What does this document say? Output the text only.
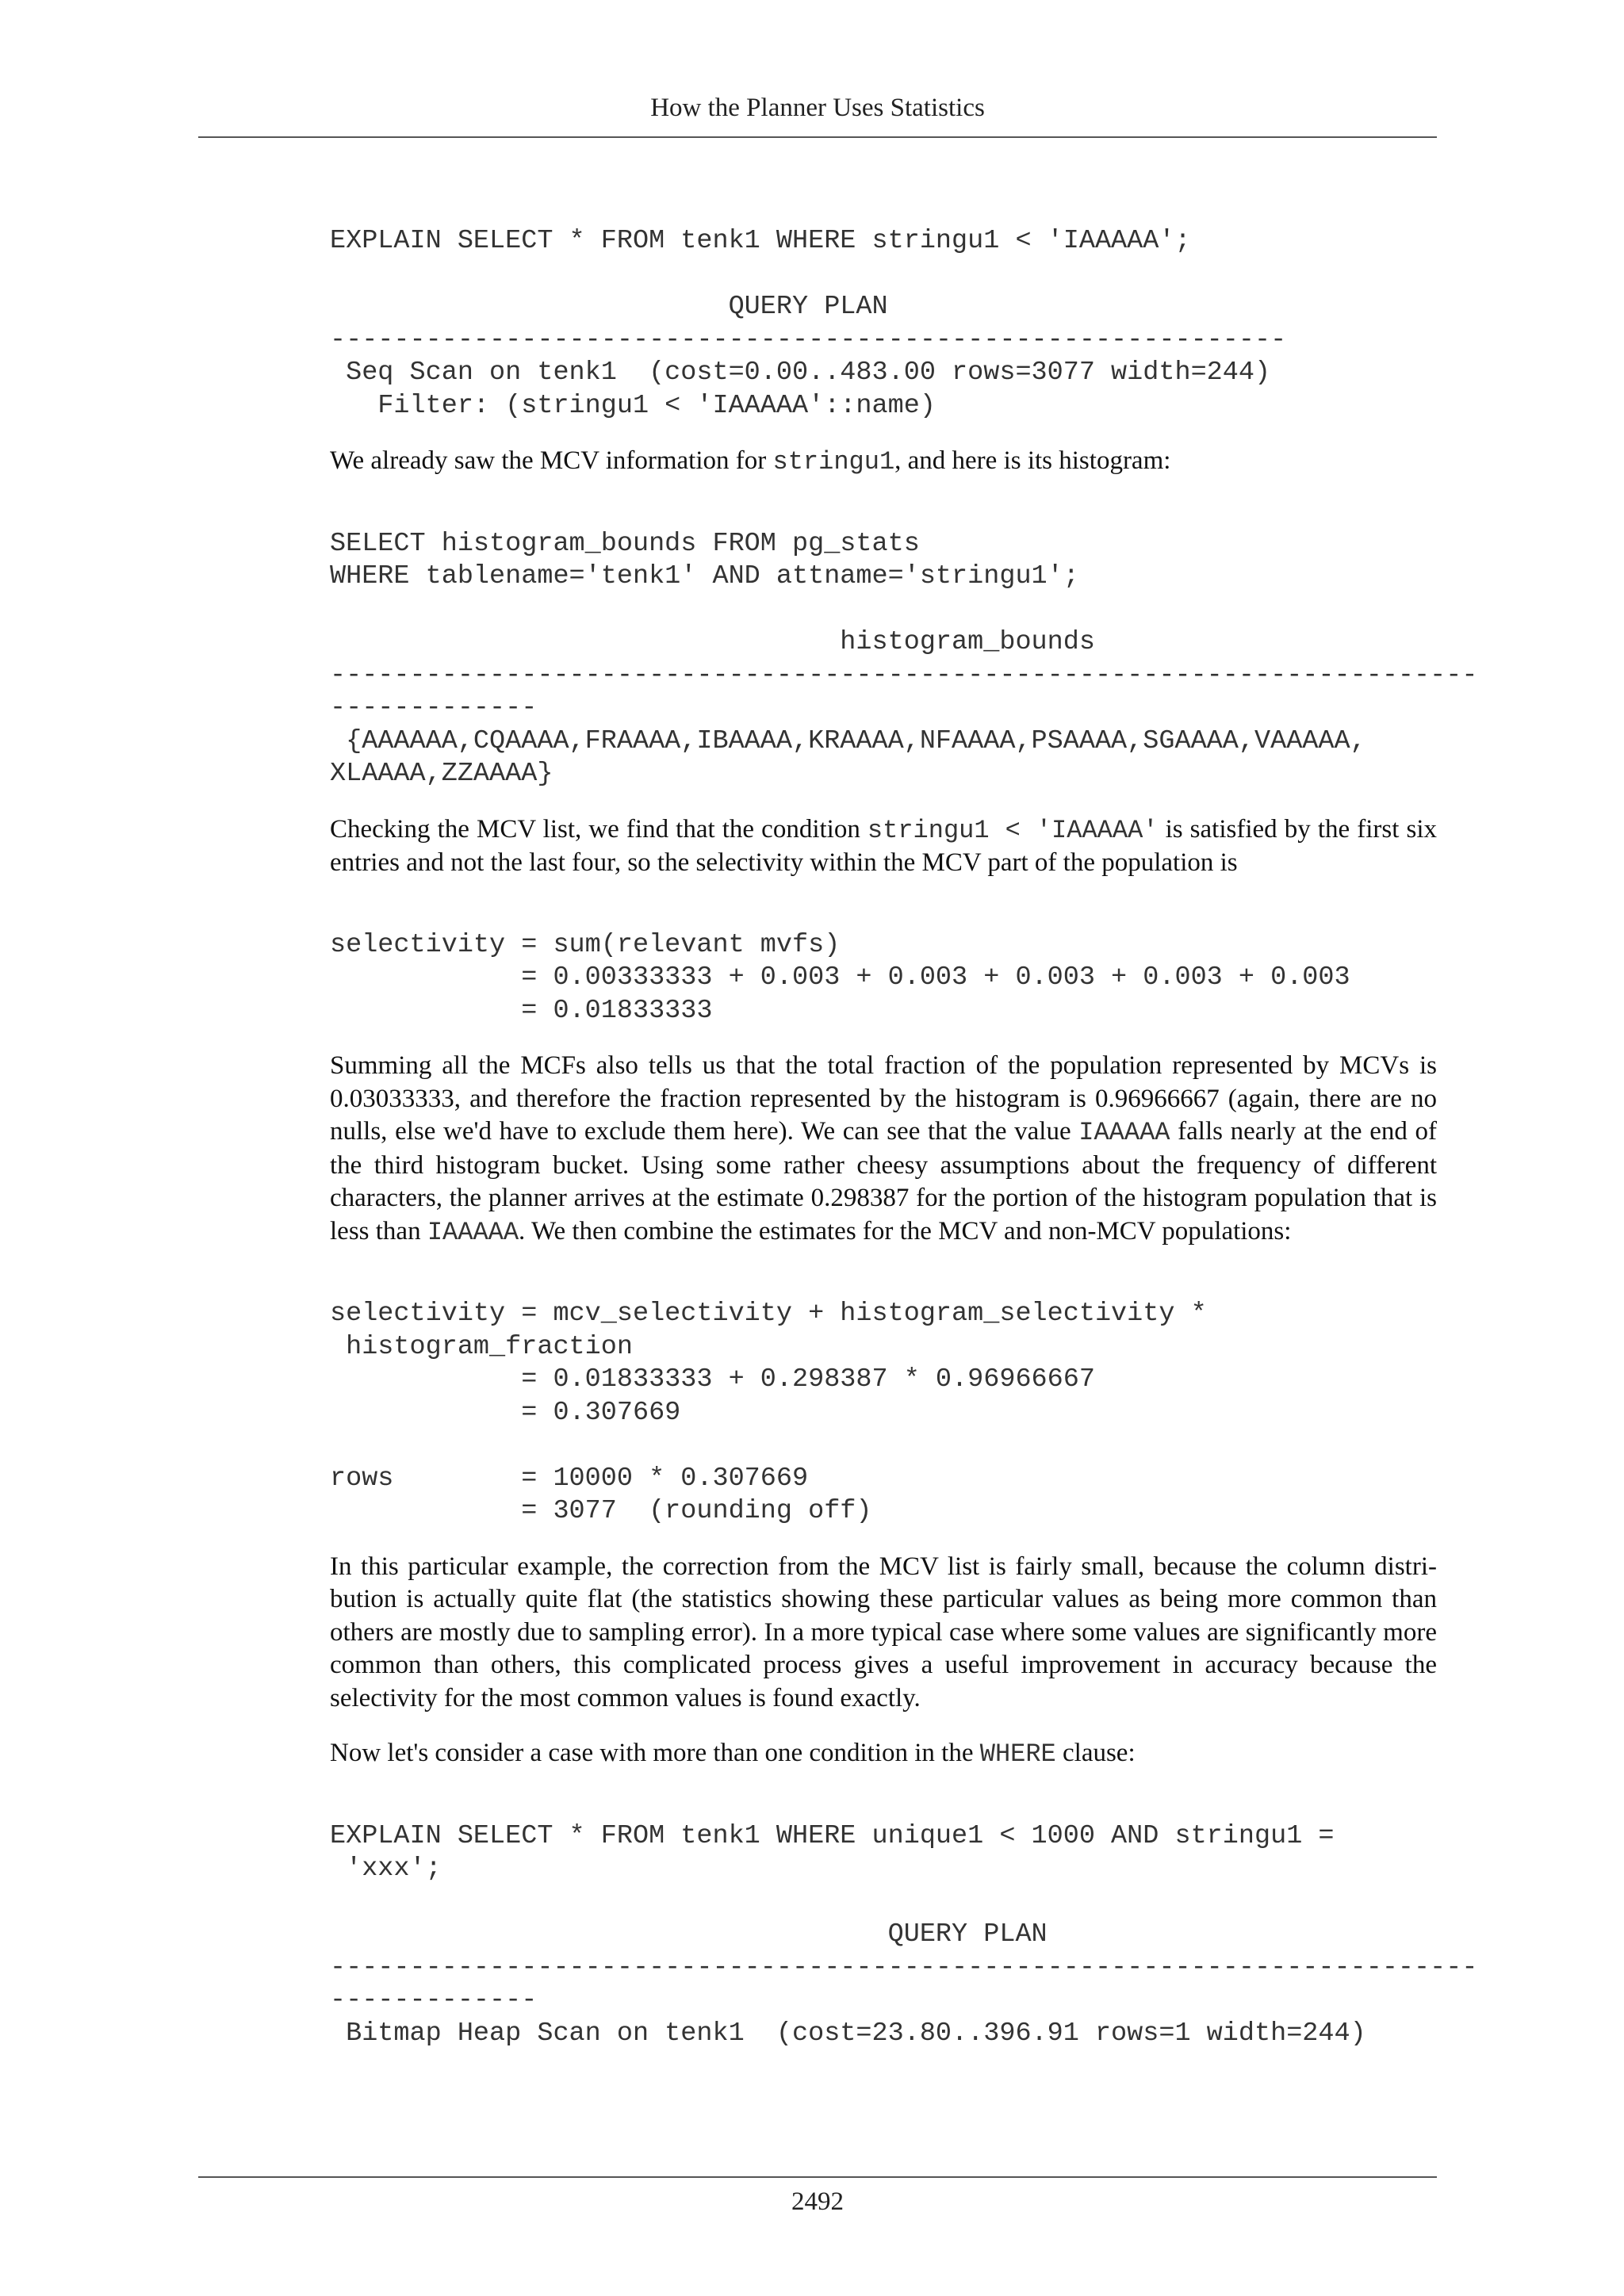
How the Planner Uses Statistics
EXPLAIN SELECT * FROM tenk1 WHERE stringu1 < 'IAAAAA';

QUERY PLAN
------------------------------------------------------------
Seq Scan on tenk1  (cost=0.00..483.00 rows=3077 width=244)
Filter: (stringu1 < 'IAAAAA'::name)

We already saw the MCV information for stringu1, and here is its histogram:

SELECT histogram_bounds FROM pg_stats
WHERE tablename='tenk1' AND attname='stringu1';

histogram_bounds
------------------------------------------------------------------------
-------------
{AAAAAA,CQAAAA,FRAAAA,IBAAAA,KRAAAA,NFAAAA,PSAAAA,SGAAAA,VAAAAA,
XLAAAA,ZZAAAA}

Checking the MCV list, we find that the condition stringu1 < 'IAAAAA' is satisfied by the first six entries and not the last four, so the selectivity within the MCV part of the population is

selectivity = sum(relevant mvfs)
= 0.00333333 + 0.003 + 0.003 + 0.003 + 0.003 + 0.003
= 0.01833333

Summing all the MCFs also tells us that the total fraction of the population represented by MCVs is 0.03033333, and therefore the fraction represented by the histogram is 0.96966667 (again, there are no nulls, else we'd have to exclude them here). We can see that the value IAAAAA falls nearly at the end of the third histogram bucket. Using some rather cheesy assumptions about the frequency of different characters, the planner arrives at the estimate 0.298387 for the portion of the histogram population that is less than IAAAAA. We then combine the estimates for the MCV and non-MCV populations:

selectivity = mcv_selectivity + histogram_selectivity *
histogram_fraction
= 0.01833333 + 0.298387 * 0.96966667
= 0.307669

rows        = 10000 * 0.307669
= 3077  (rounding off)

In this particular example, the correction from the MCV list is fairly small, because the column distri-bution is actually quite flat (the statistics showing these particular values as being more common than others are mostly due to sampling error). In a more typical case where some values are significantly more common than others, this complicated process gives a useful improvement in accuracy because the selectivity for the most common values is found exactly.

Now let's consider a case with more than one condition in the WHERE clause:

EXPLAIN SELECT * FROM tenk1 WHERE unique1 < 1000 AND stringu1 =
'xxx';

QUERY PLAN
------------------------------------------------------------------------
-------------
Bitmap Heap Scan on tenk1  (cost=23.80..396.91 rows=1 width=244)
2492
